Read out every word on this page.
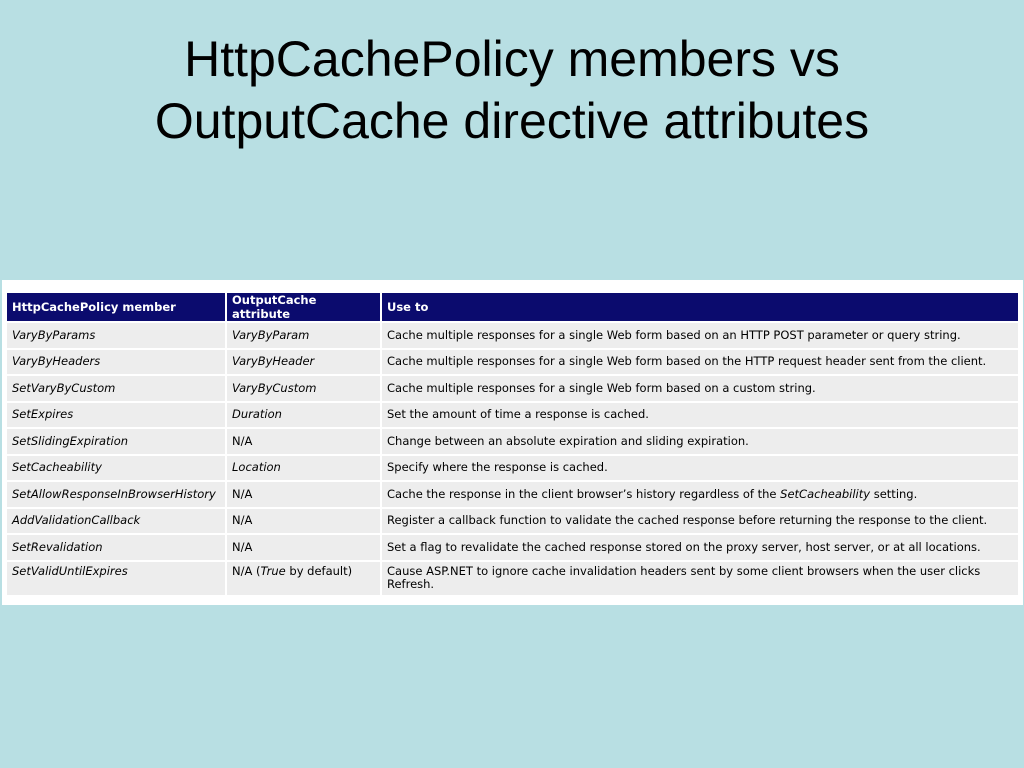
HttpCachePolicy members vs
OutputCache directive attributes
HttpCachePolicy member	OutputCache attribute	Use to
VaryByParams	VaryByParam	Cache multiple responses for a single Web form based on an HTTP POST parameter or query string.
VaryByHeaders	VaryByHeader	Cache multiple responses for a single Web form based on the HTTP request header sent from the client.
SetVaryByCustom	VaryByCustom	Cache multiple responses for a single Web form based on a custom string.
SetExpires	Duration	Set the amount of time a response is cached.
SetSlidingExpiration	N/A	Change between an absolute expiration and sliding expiration.
SetCacheability	Location	Specify where the response is cached.
SetAllowResponseInBrowserHistory	N/A	Cache the response in the client browser’s history regardless of the SetCacheability setting.
AddValidationCallback	N/A	Register a callback function to validate the cached response before returning the response to the client.
SetRevalidation	N/A	Set a flag to revalidate the cached response stored on the proxy server, host server, or at all locations.
SetValidUntilExpires	N/A (True by default)	Cause ASP.NET to ignore cache invalidation headers sent by some client browsers when the user clicks Refresh.
